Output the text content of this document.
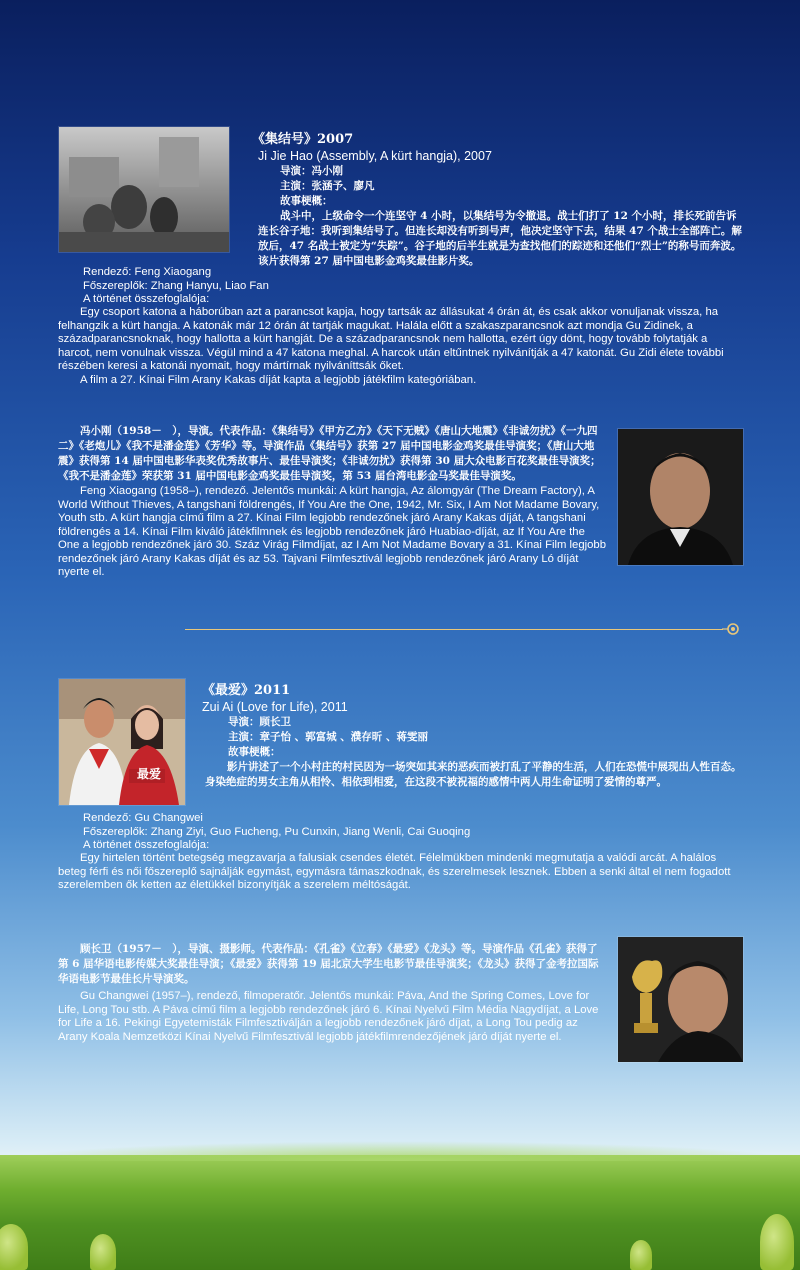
《集结号》2007
Ji Jie Hao (Assembly, A kürt hangja), 2007
导演：冯小刚
主演：张涵予、廖凡
故事梗概：
战斗中，上级命令一个连坚守 4 小时，以集结号为令撤退。战士们打了 12 个小时，排长死前告诉连长谷子地：我听到集结号了。但连长却没有听到号声，他决定坚守下去，结果 47 个战士全部阵亡。解放后，47 名战士被定为“失踪”。谷子地的后半生就是为查找他们的踪迹和还他们“烈士”的称号而奔波。 该片获得第 27 届中国电影金鸡奖最佳影片奖。
Rendező: Feng Xiaogang
Főszereplők: Zhang Hanyu, Liao Fan
A történet összefoglalója:

Egy csoport katona a háborúban azt a parancsot kapja, hogy tartsák az állásukat 4 órán át, és csak akkor vonuljanak vissza, ha felhangzik a kürt hangja. A katonák már 12 órán át tartják magukat. Halála előtt a szakaszparancsnok azt mondja Gu Zidinek, a századparancsnoknak, hogy hallotta a kürt hangját. De a századparancsnok nem hallotta, ezért úgy dönt, hogy tovább folytatják a harcot, nem vonulnak vissza. Végül mind a 47 katona meghal. A harcok után eltűntnek nyilvánítják a 47 katonát. Gu Zidi élete további részében keresi a katonái nyomait, hogy mártírnak nyilváníttsák őket.

A film a 27. Kínai Film Arany Kakas díját kapta a legjobb játékfilm kategóriában.

冯小刚（1958－　），导演。代表作品：《集结号》《甲方乙方》《天下无贼》《唐山大地震》《非诚勿扰》《一九四二》《老炮儿》《我不是潘金莲》《芳华》等。导演作品《集结号》获第 27 届中国电影金鸡奖最佳导演奖；《唐山大地震》获得第 14 届中国电影华表奖优秀故事片、最佳导演奖；《非诚勿扰》获得第 30 届大众电影百花奖最佳导演奖；《我不是潘金莲》荣获第 31 届中国电影金鸡奖最佳导演奖，第 53 届台湾电影金马奖最佳导演奖。
Feng Xiaogang (1958–), rendező. Jelentős munkái: A kürt hangja, Az álomgyár (The Dream Factory), A World Without Thieves, A tangshani földrengés, If You Are the One, 1942, Mr. Six, I Am Not Madame Bovary, Youth stb. A kürt hangja című film a 27. Kínai Film legjobb rendezőnek járó Arany Kakas díját, A tangshani földrengés a 14. Kínai Film kiváló játékfilmnek és legjobb rendezőnek járó Huabiao-díját, az If You Are the One a legjobb rendezőnek járó 30. Száz Virág Filmdíjat, az I Am Not Madame Bovary a 31. Kínai Film legjobb rendezőnek járó Arany Kakas díját és az 53. Tajvani Filmfesztivál legjobb rendezőnek járó Arany Ló díját nyerte el.
最爱
《最爱》2011
Zui Ai (Love for Life), 2011
导演：顾长卫
主演：章子怡 、郭富城 、濮存昕 、蒋雯丽
故事梗概：
影片讲述了一个小村庄的村民因为一场突如其来的恶疾而被打乱了平静的生活，人们在恐慌中展现出人性百态。身染绝症的男女主角从相怜、相依到相爱，在这段不被祝福的感情中两人用生命证明了爱情的尊严。
Rendező: Gu Changwei
Főszereplők: Zhang Ziyi, Guo Fucheng, Pu Cunxin, Jiang Wenli, Cai Guoqing
A történet összefoglalója:
Egy hirtelen történt betegség megzavarja a falusiak csendes életét. Félelmükben mindenki megmutatja a valódi arcát. A halálos beteg férfi és női főszereplő sajnálják egymást, egymásra támaszkodnak, és szerelmesek lesznek. Ebben a senki által el nem fogadott szerelemben ők ketten az életükkel bizonyítják a szerelem méltóságát.
顾长卫（1957－　），导演、摄影师。代表作品：《孔雀》《立春》《最爱》《龙头》等。导演作品《孔雀》获得了第 6 届华语电影传媒大奖最佳导演；《最爱》获得第 19 届北京大学生电影节最佳导演奖；《龙头》获得了金考拉国际华语电影节最佳长片导演奖。
Gu Changwei (1957–), rendező, filmoperatőr. Jelentős munkái: Páva, And the Spring Comes, Love for Life, Long Tou stb. A Páva című film a legjobb rendezőnek járó 6. Kínai Nyelvű Film Média Nagydíjat, a Love for Life a 16. Pekingi Egyetemisták Filmfesztiválján a legjobb rendezőnek járó díjat, a Long Tou pedig az Arany Koala Nemzetközi Kínai Nyelvű Filmfesztivál legjobb játékfilmrendezőjének járó díját nyerte el.
